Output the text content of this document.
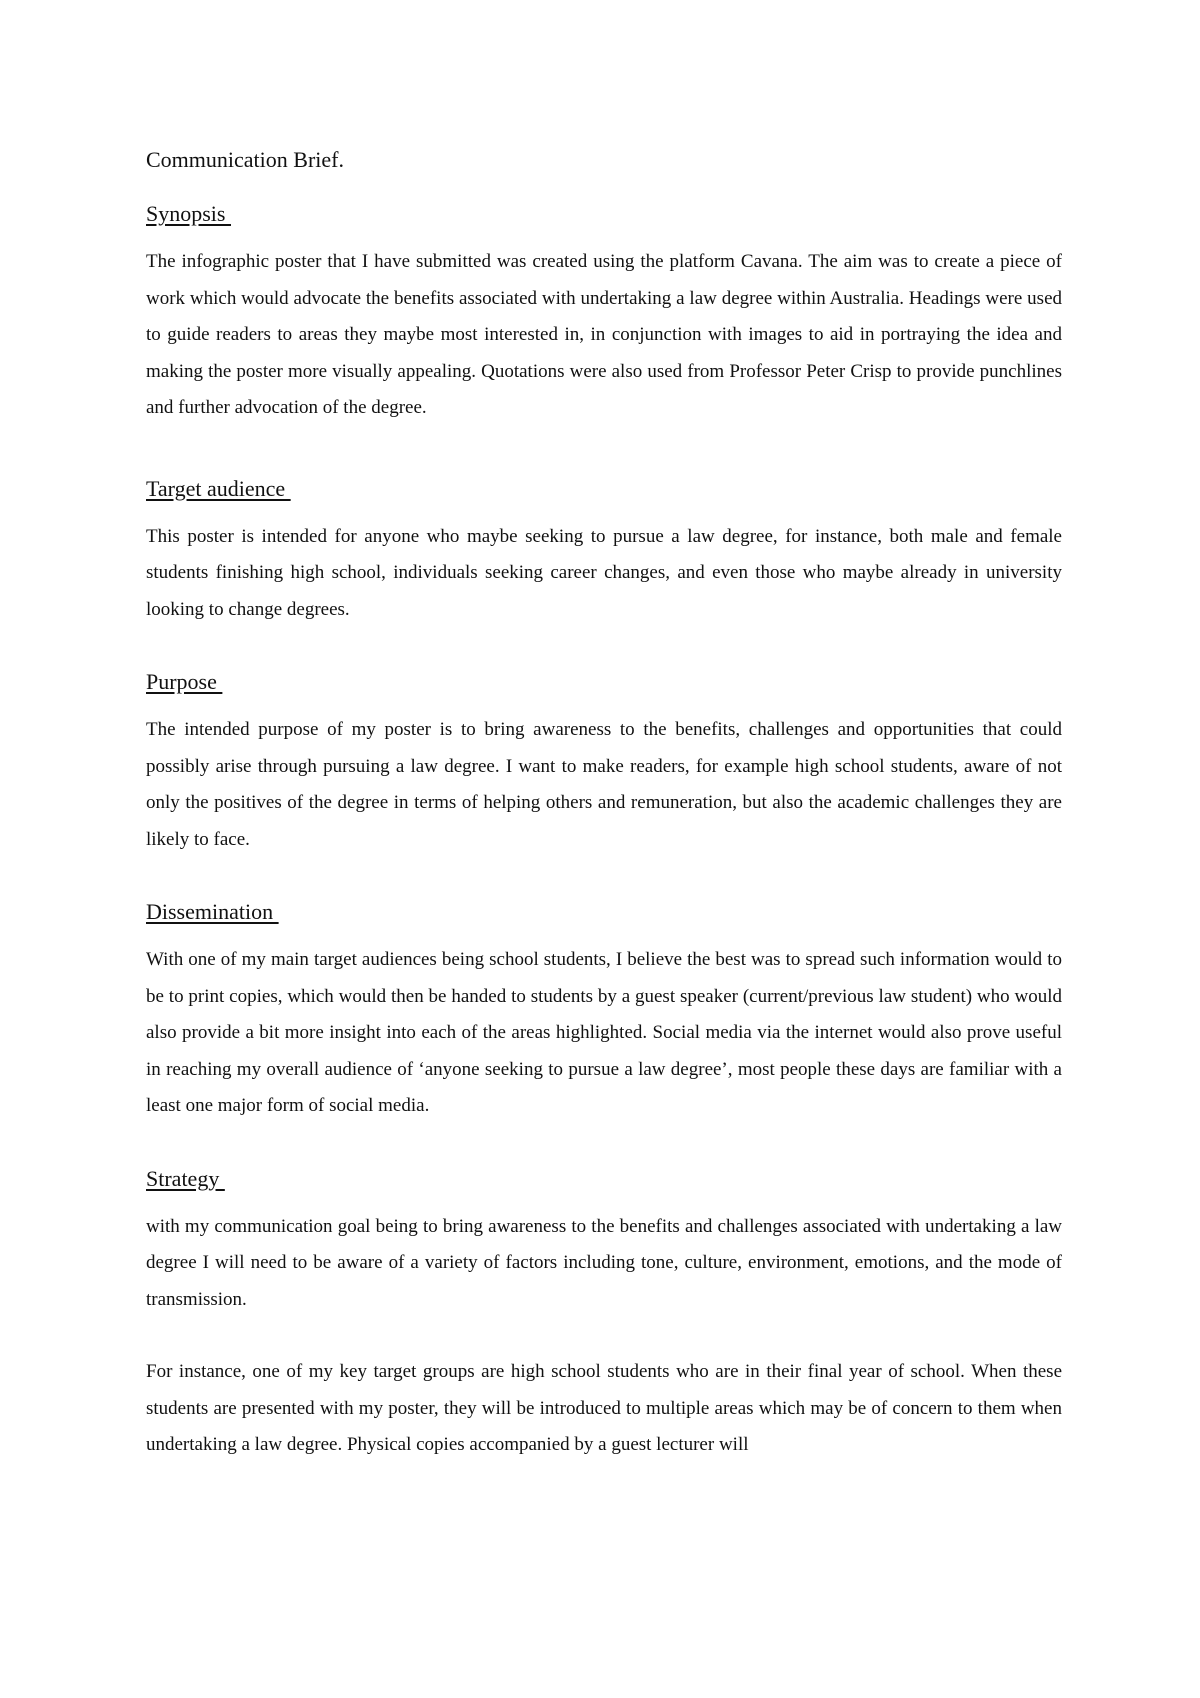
Communication Brief.
Synopsis

The infographic poster that I have submitted was created using the platform Cavana. The aim was to create a piece of work which would advocate the benefits associated with undertaking a law degree within Australia. Headings were used to guide readers to areas they maybe most interested in, in conjunction with images to aid in portraying the idea and making the poster more visually appealing. Quotations were also used from Professor Peter Crisp to provide punchlines and further advocation of the degree.

Target audience

This poster is intended for anyone who maybe seeking to pursue a law degree, for instance, both male and female students finishing high school, individuals seeking career changes, and even those who maybe already in university looking to change degrees.

Purpose

The intended purpose of my poster is to bring awareness to the benefits, challenges and opportunities that could possibly arise through pursuing a law degree. I want to make readers, for example high school students, aware of not only the positives of the degree in terms of helping others and remuneration, but also the academic challenges they are likely to face.

Dissemination

With one of my main target audiences being school students, I believe the best was to spread such information would to be to print copies, which would then be handed to students by a guest speaker (current/previous law student) who would also provide a bit more insight into each of the areas highlighted. Social media via the internet would also prove useful in reaching my overall audience of ‘anyone seeking to pursue a law degree’, most people these days are familiar with a least one major form of social media.

Strategy

with my communication goal being to bring awareness to the benefits and challenges associated with undertaking a law degree I will need to be aware of a variety of factors including tone, culture, environment, emotions, and the mode of transmission.

For instance, one of my key target groups are high school students who are in their final year of school. When these students are presented with my poster, they will be introduced to multiple areas which may be of concern to them when undertaking a law degree. Physical copies accompanied by a guest lecturer will
